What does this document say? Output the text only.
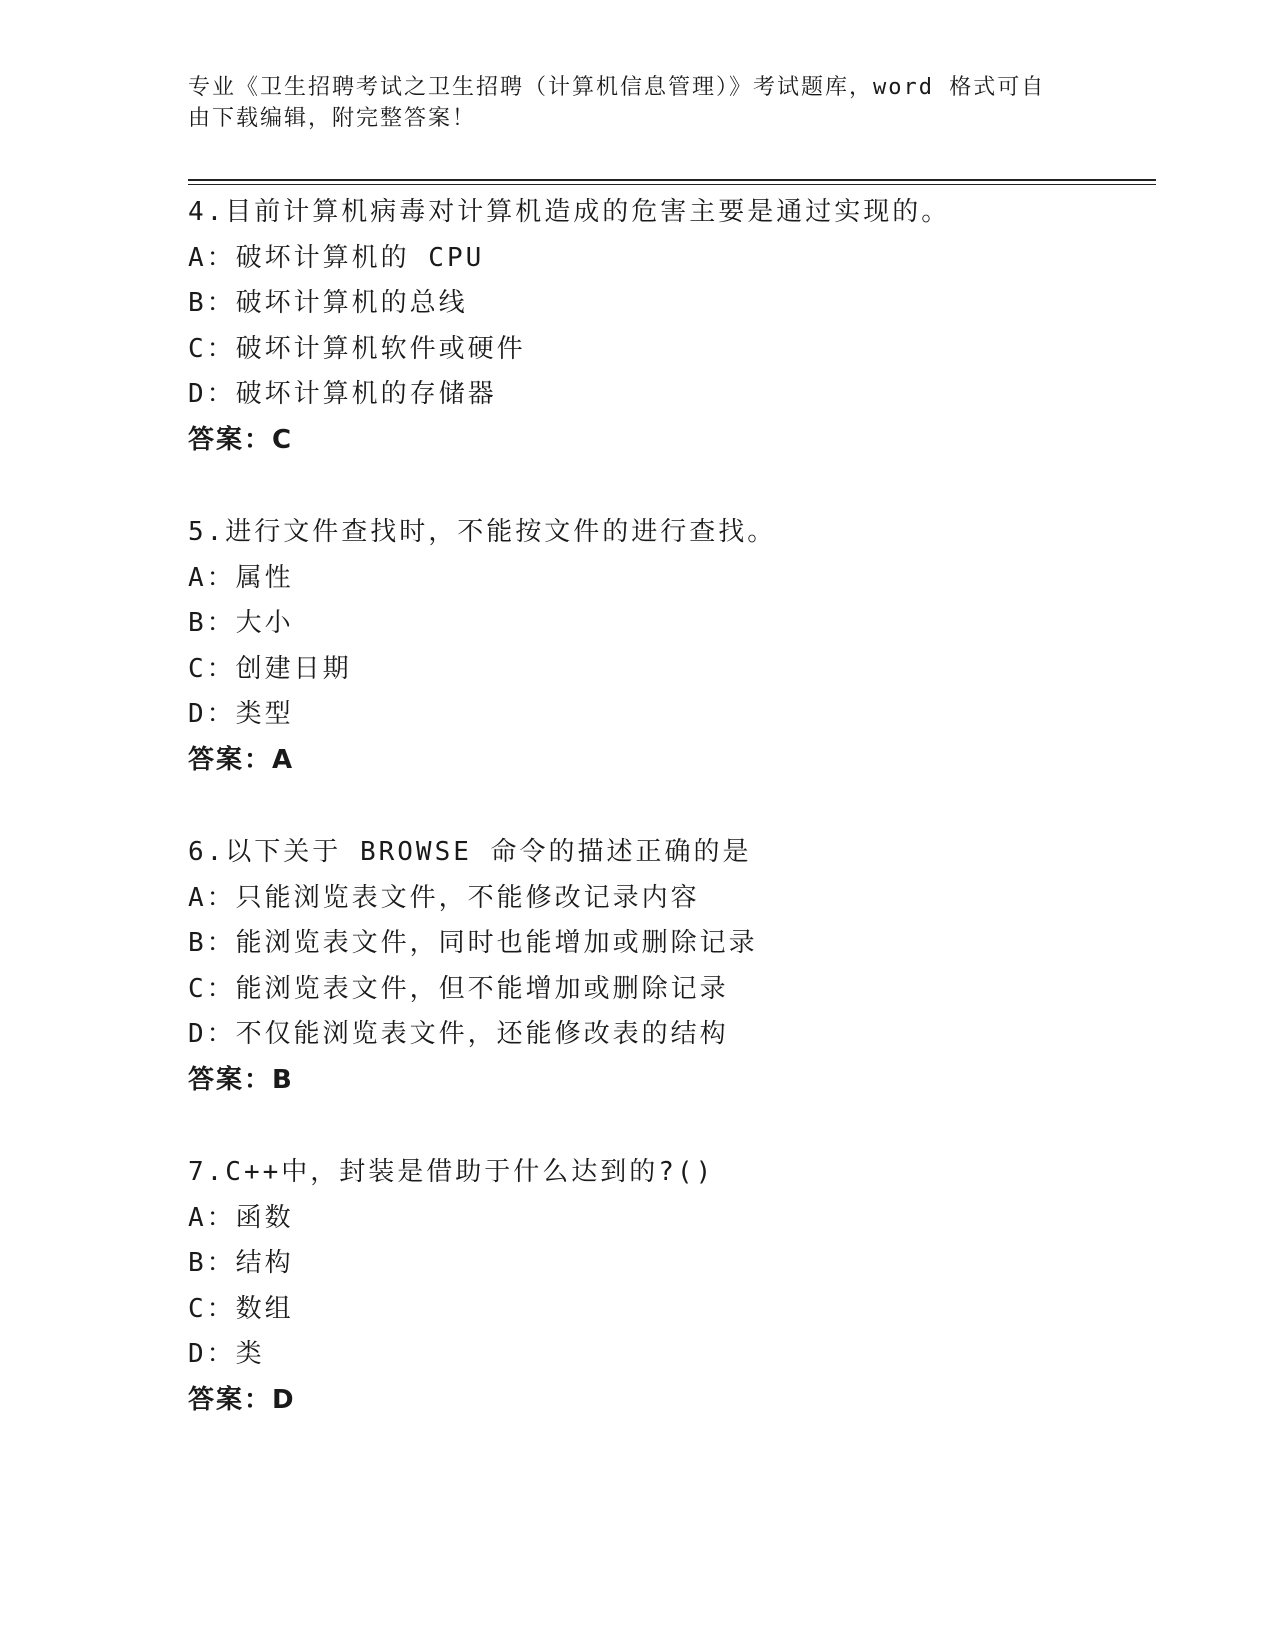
专业《卫生招聘考试之卫生招聘（计算机信息管理）》考试题库，word 格式可自
由下载编辑，附完整答案！
4.目前计算机病毒对计算机造成的危害主要是通过实现的。
A：破坏计算机的 CPU
B：破坏计算机的总线
C：破坏计算机软件或硬件
D：破坏计算机的存储器
答案：C
5.进行文件查找时，不能按文件的进行查找。
A：属性
B：大小
C：创建日期
D：类型
答案：A
6.以下关于 BROWSE 命令的描述正确的是
A：只能浏览表文件，不能修改记录内容
B：能浏览表文件，同时也能增加或删除记录
C：能浏览表文件，但不能增加或删除记录
D：不仅能浏览表文件，还能修改表的结构
答案：B
7.C++中，封装是借助于什么达到的?()
A：函数
B：结构
C：数组
D：类
答案：D
